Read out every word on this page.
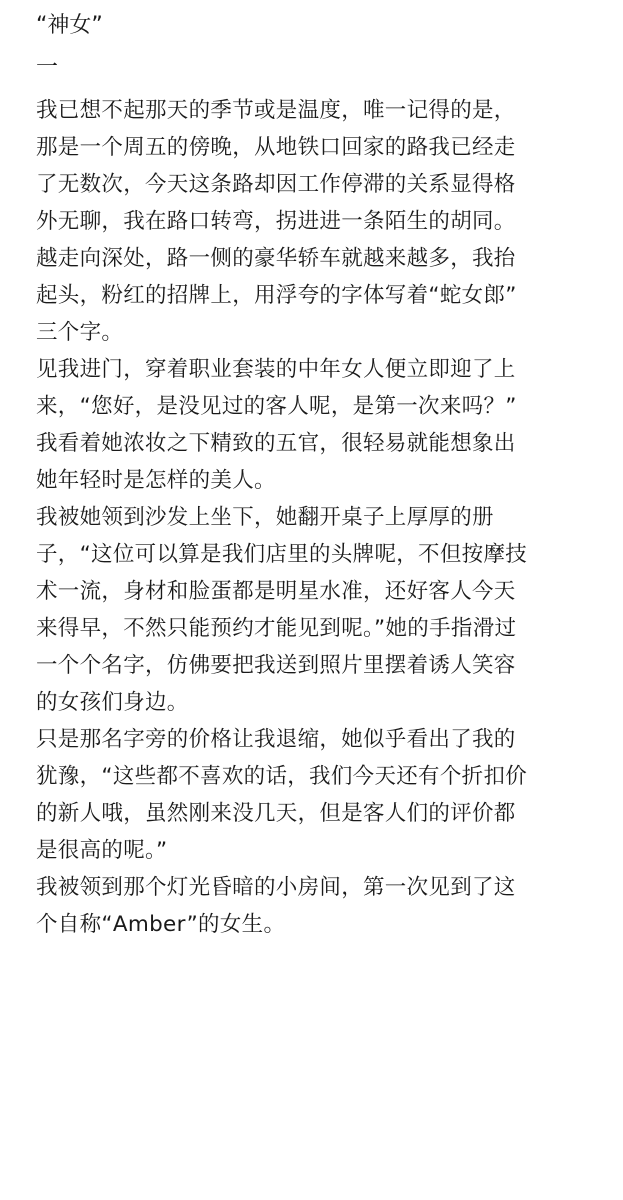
“神女”
一
我已想不起那天的季节或是温度，唯一记得的是，
那是一个周五的傍晚，从地铁口回家的路我已经走
了无数次，今天这条路却因工作停滞的关系显得格
外无聊，我在路口转弯，拐进进一条陌生的胡同。
越走向深处，路一侧的豪华轿车就越来越多，我抬
起头，粉红的招牌上，用浮夸的字体写着“蛇女郎”
三个字。
见我进门，穿着职业套装的中年女人便立即迎了上
来，“您好，是没见过的客人呢，是第一次来吗？”
我看着她浓妆之下精致的五官，很轻易就能想象出
她年轻时是怎样的美人。
我被她领到沙发上坐下，她翻开桌子上厚厚的册
子，“这位可以算是我们店里的头牌呢，不但按摩技
术一流，身材和脸蛋都是明星水准，还好客人今天
来得早，不然只能预约才能见到呢。”她的手指滑过
一个个名字，仿佛要把我送到照片里摆着诱人笑容
的女孩们身边。
只是那名字旁的价格让我退缩，她似乎看出了我的
犹豫，“这些都不喜欢的话，我们今天还有个折扣价
的新人哦，虽然刚来没几天，但是客人们的评价都
是很高的呢。”
我被领到那个灯光昏暗的小房间，第一次见到了这
个自称“Amber”的女生。
